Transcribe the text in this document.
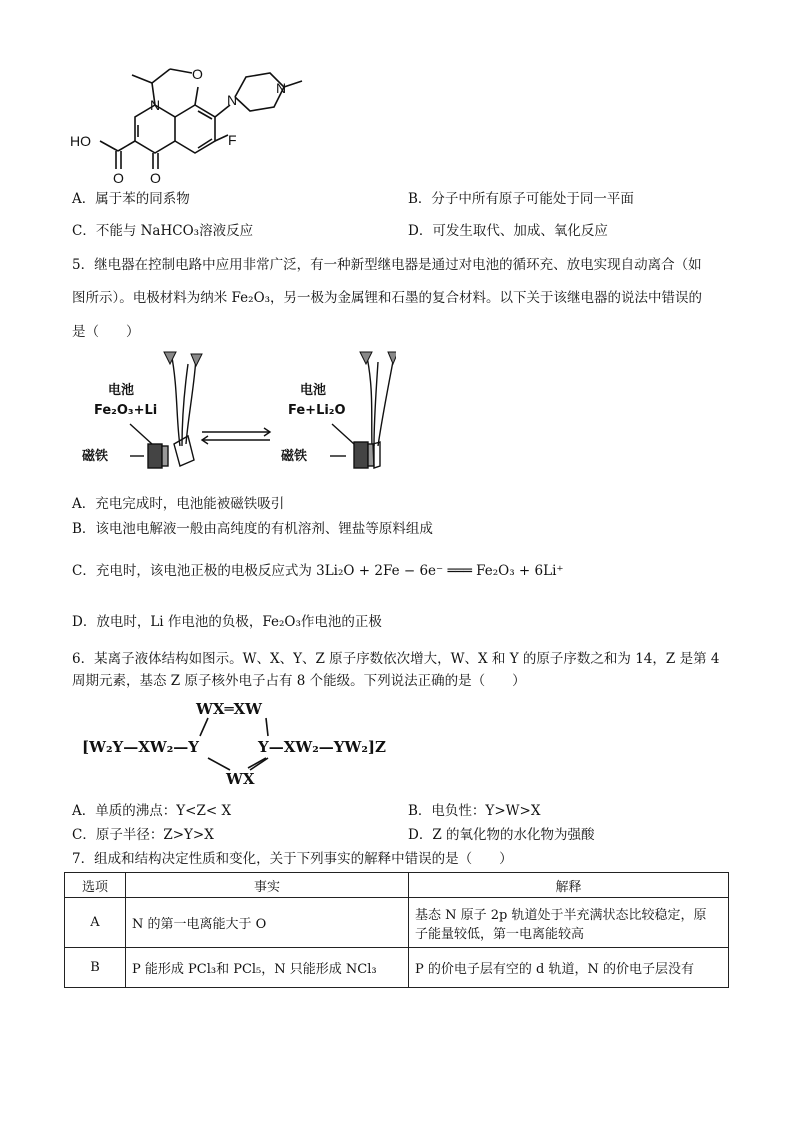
HO
N
O
N
N
F
O
O
A．属于苯的同系物	B．分子中所有原子可能处于同一平面
C．不能与 NaHCO₃溶液反应	D．可发生取代、加成、氧化反应
5．继电器在控制电路中应用非常广泛，有一种新型继电器是通过对电池的循环充、放电实现自动离合（如
图所示）。电极材料为纳米 Fe₂O₃，另一极为金属锂和石墨的复合材料。以下关于该继电器的说法中错误的
是（　　）
电池
Fe₂O₃+Li
磁铁
电池
Fe+Li₂O
磁铁
A．充电完成时，电池能被磁铁吸引
B．该电池电解液一般由高纯度的有机溶剂、锂盐等原料组成
C．充电时，该电池正极的电极反应式为 3Li₂O + 2Fe − 6e⁻ ═══ Fe₂O₃ + 6Li⁺
D．放电时，Li 作电池的负极，Fe₂O₃作电池的正极
6．某离子液体结构如图示。W、X、Y、Z 原子序数依次增大，W、X 和 Y 的原子序数之和为 14，Z 是第 4
周期元素，基态 Z 原子核外电子占有 8 个能级。下列说法正确的是（　　）
WX═XW
[W₂Y—XW₂—Y	Y—XW₂—YW₂]Z
WX
A．单质的沸点：Y<Z< X	B．电负性：Y>W>X
C．原子半径：Z>Y>X	D．Z 的氧化物的水化物为强酸
7．组成和结构决定性质和变化，关于下列事实的解释中错误的是（　　）
选项	事实	解释
A	N 的第一电离能大于 O	基态 N 原子 2p 轨道处于半充满状态比较稳定，原
子能量较低，第一电离能较高

B	P 能形成 PCl₃和 PCl₅，N 只能形成 NCl₃	P 的价电子层有空的 d 轨道，N 的价电子层没有
